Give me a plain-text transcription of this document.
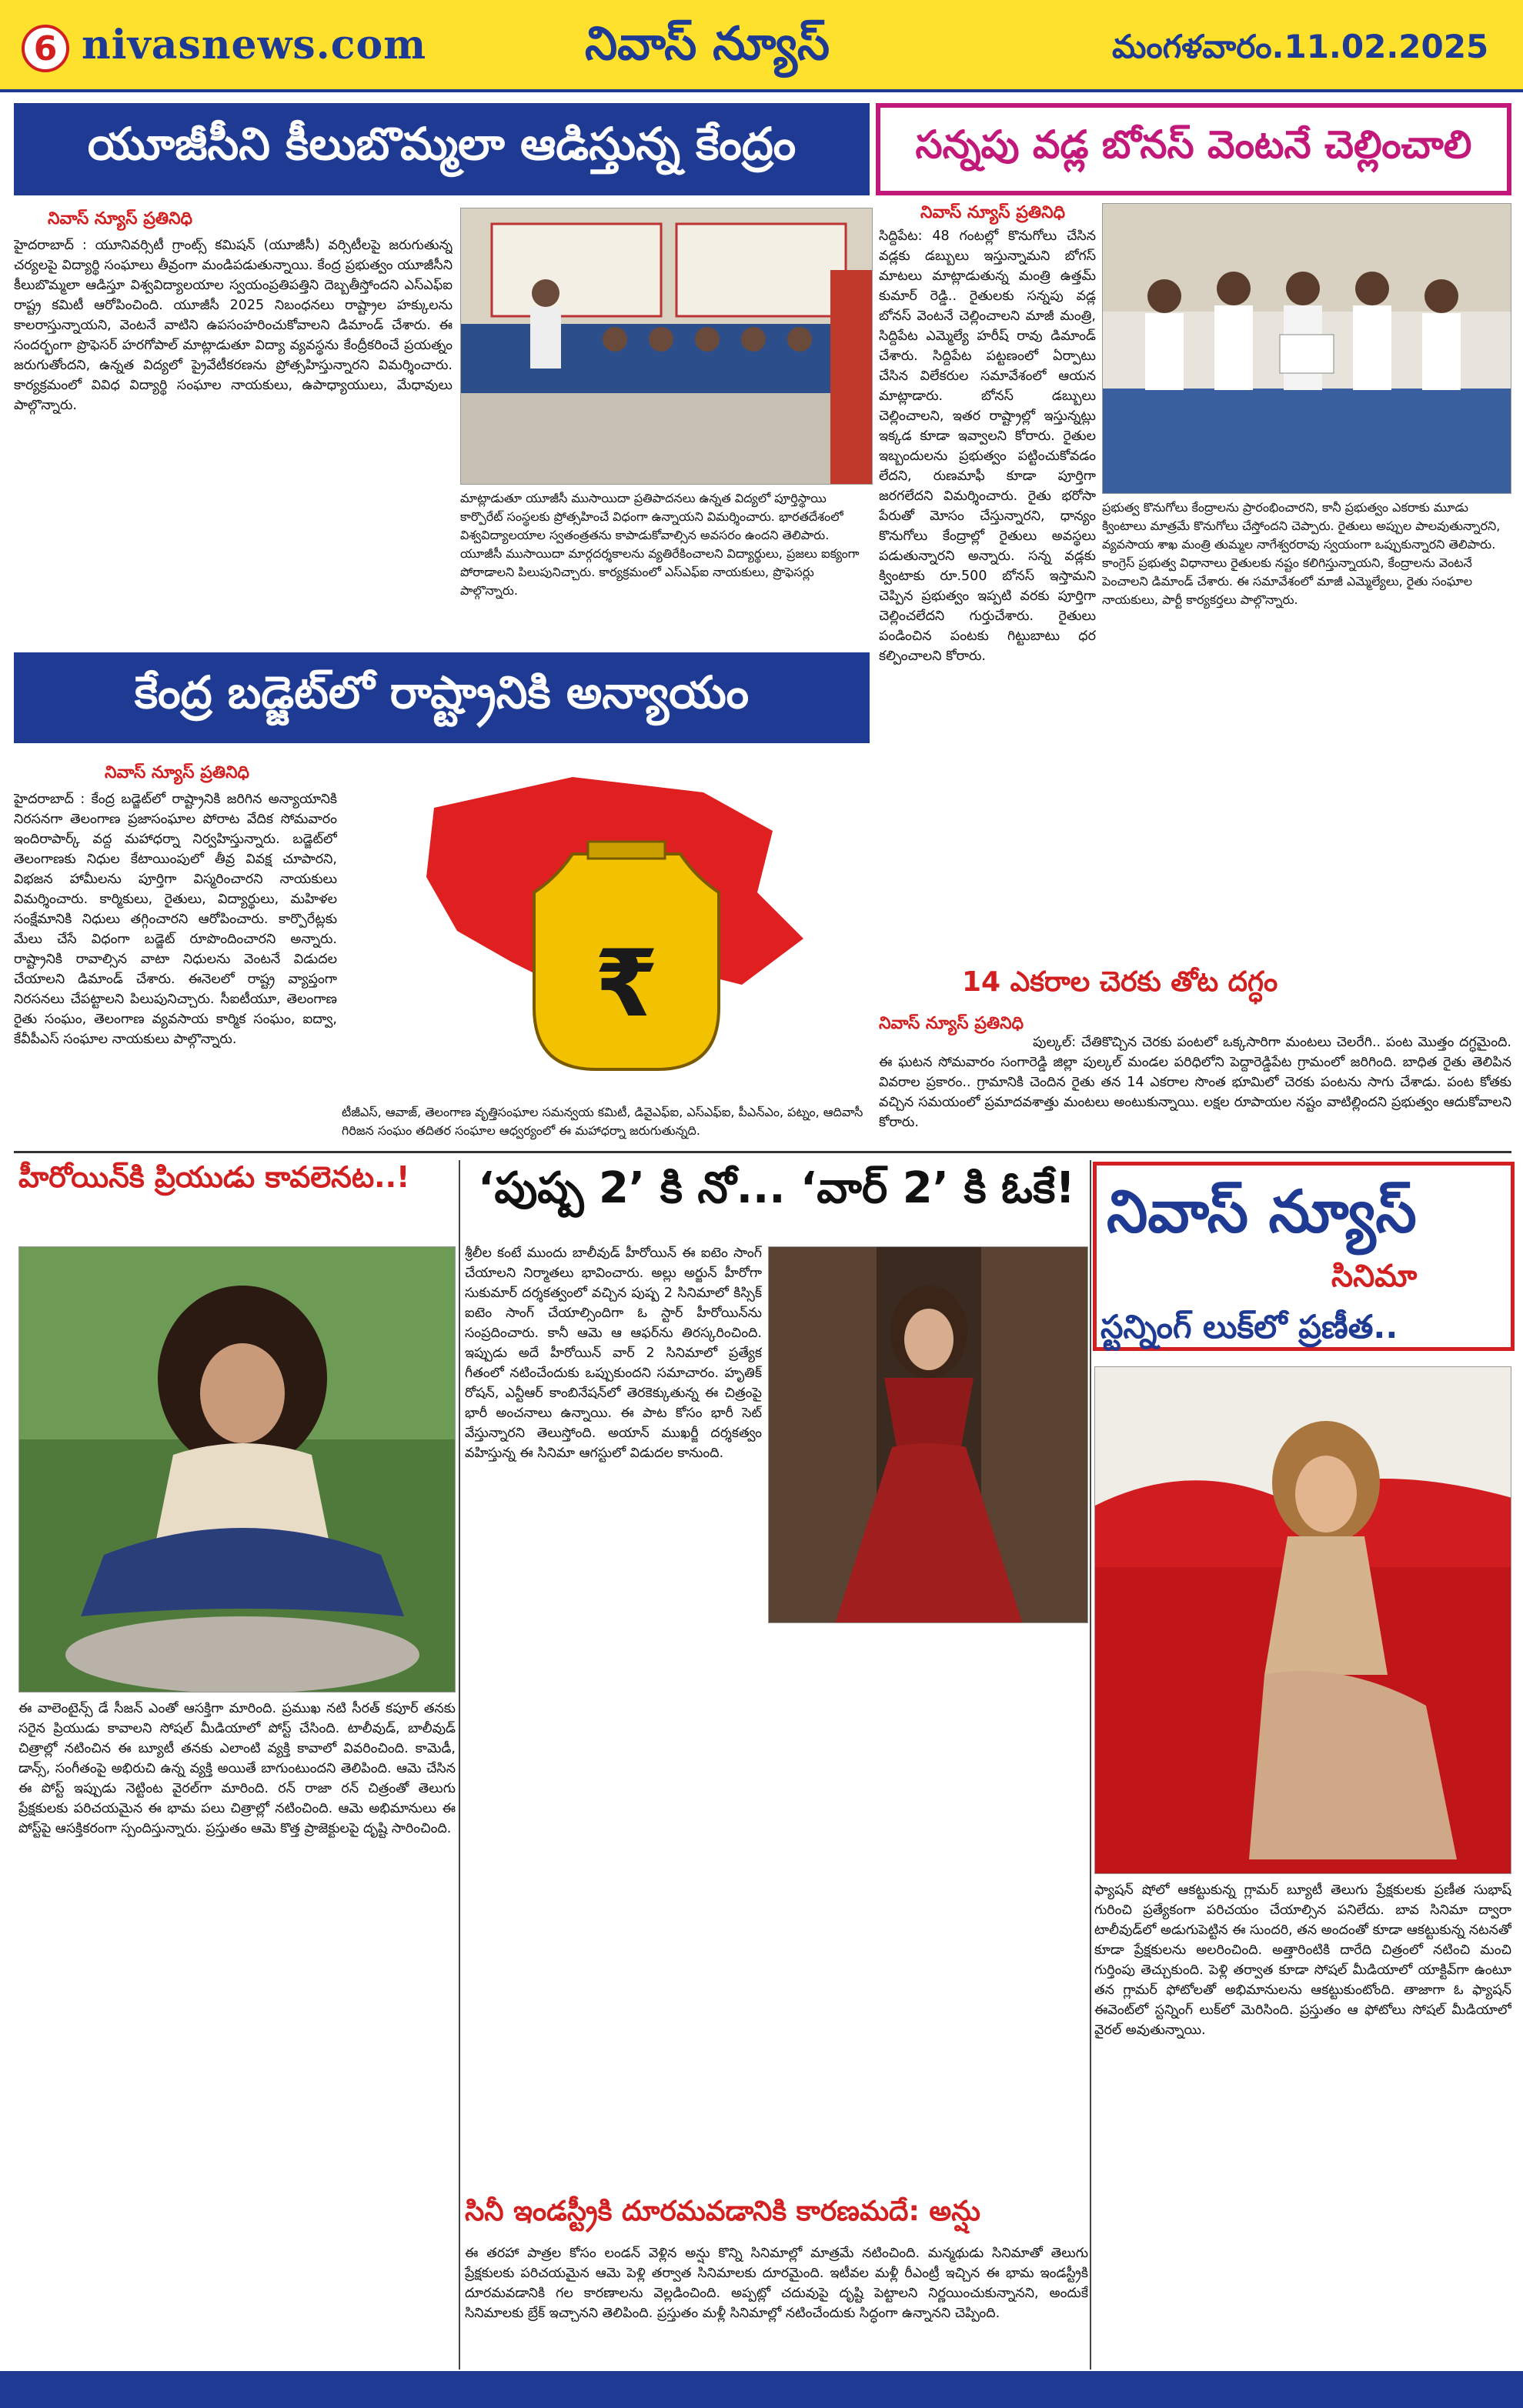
6 nivasnews.com	నివాస్ న్యూస్	మంగళవారం.11.02.2025
యూజీసీని కీలుబొమ్మలా ఆడిస్తున్న కేంద్రం
నివాస్ న్యూస్ ప్రతినిధి
హైదరాబాద్ : యూనివర్సిటీ గ్రాంట్స్ కమిషన్ (యూజీసీ) వర్సిటీలపై జరుగుతున్న చర్యలపై విద్యార్థి సంఘాలు తీవ్రంగా మండిపడుతున్నాయి. కేంద్ర ప్రభుత్వం యూజీసీని కీలుబొమ్మలా ఆడిస్తూ విశ్వవిద్యాలయాల స్వయంప్రతిపత్తిని దెబ్బతీస్తోందని ఎస్ఎఫ్ఐ రాష్ట్ర కమిటీ ఆరోపించింది. యూజీసీ 2025 నిబంధనలు రాష్ట్రాల హక్కులను కాలరాస్తున్నాయని, వెంటనే వాటిని ఉపసంహరించుకోవాలని డిమాండ్ చేశారు. ఈ సందర్భంగా ప్రొఫెసర్ హరగోపాల్ మాట్లాడుతూ విద్యా వ్యవస్థను కేంద్రీకరించే ప్రయత్నం జరుగుతోందని, ఉన్నత విద్యలో ప్రైవేటీకరణను ప్రోత్సహిస్తున్నారని విమర్శించారు. కార్యక్రమంలో వివిధ విద్యార్థి సంఘాల నాయకులు, ఉపాధ్యాయులు, మేధావులు పాల్గొన్నారు.
మాట్లాడుతూ యూజీసీ ముసాయిదా ప్రతిపాదనలు ఉన్నత విద్యలో పూర్తిస్థాయి కార్పొరేట్ సంస్థలకు ప్రోత్సహించే విధంగా ఉన్నాయని విమర్శించారు. భారతదేశంలో విశ్వవిద్యాలయాల స్వతంత్రతను కాపాడుకోవాల్సిన అవసరం ఉందని తెలిపారు. యూజీసీ ముసాయిదా మార్గదర్శకాలను వ్యతిరేకించాలని విద్యార్థులు, ప్రజలు ఐక్యంగా పోరాడాలని పిలుపునిచ్చారు. కార్యక్రమంలో ఎస్ఎఫ్ఐ నాయకులు, ప్రొఫెసర్లు పాల్గొన్నారు.
సన్నపు వడ్ల బోనస్ వెంటనే చెల్లించాలి
నివాస్ న్యూస్ ప్రతినిధి
సిద్దిపేట: 48 గంటల్లో కొనుగోలు చేసిన వడ్లకు డబ్బులు ఇస్తున్నామని బోగస్ మాటలు మాట్లాడుతున్న మంత్రి ఉత్తమ్ కుమార్ రెడ్డి.. రైతులకు సన్నపు వడ్ల బోనస్ వెంటనే చెల్లించాలని మాజీ మంత్రి, సిద్దిపేట ఎమ్మెల్యే హరీష్ రావు డిమాండ్ చేశారు. సిద్దిపేట పట్టణంలో ఏర్పాటు చేసిన విలేకరుల సమావేశంలో ఆయన మాట్లాడారు. బోనస్ డబ్బులు చెల్లించాలని, ఇతర రాష్ట్రాల్లో ఇస్తున్నట్లు ఇక్కడ కూడా ఇవ్వాలని కోరారు. రైతుల ఇబ్బందులను ప్రభుత్వం పట్టించుకోవడం లేదని, రుణమాఫీ కూడా పూర్తిగా జరగలేదని విమర్శించారు. రైతు భరోసా పేరుతో మోసం చేస్తున్నారని, ధాన్యం కొనుగోలు కేంద్రాల్లో రైతులు అవస్థలు పడుతున్నారని అన్నారు. సన్న వడ్లకు క్వింటాకు రూ.500 బోనస్ ఇస్తామని చెప్పిన ప్రభుత్వం ఇప్పటి వరకు పూర్తిగా చెల్లించలేదని గుర్తుచేశారు. రైతులు పండించిన పంటకు గిట్టుబాటు ధర కల్పించాలని కోరారు.
ప్రభుత్వ కొనుగోలు కేంద్రాలను ప్రారంభించారని, కానీ ప్రభుత్వం ఎకరాకు మూడు క్వింటాలు మాత్రమే కొనుగోలు చేస్తోందని చెప్పారు. రైతులు అప్పుల పాలవుతున్నారని, వ్యవసాయ శాఖ మంత్రి తుమ్మల నాగేశ్వరరావు స్వయంగా ఒప్పుకున్నారని తెలిపారు. కాంగ్రెస్ ప్రభుత్వ విధానాలు రైతులకు నష్టం కలిగిస్తున్నాయని, కేంద్రాలను వెంటనే పెంచాలని డిమాండ్ చేశారు. ఈ సమావేశంలో మాజీ ఎమ్మెల్యేలు, రైతు సంఘాల నాయకులు, పార్టీ కార్యకర్తలు పాల్గొన్నారు.
కేంద్ర బడ్జెట్‌లో రాష్ట్రానికి అన్యాయం
నివాస్ న్యూస్ ప్రతినిధి
హైదరాబాద్ : కేంద్ర బడ్జెట్‌లో రాష్ట్రానికి జరిగిన అన్యాయానికి నిరసనగా తెలంగాణ ప్రజాసంఘాల పోరాట వేదిక సోమవారం ఇందిరాపార్క్ వద్ద మహాధర్నా నిర్వహిస్తున్నారు. బడ్జెట్‌లో తెలంగాణకు నిధుల కేటాయింపులో తీవ్ర వివక్ష చూపారని, విభజన హామీలను పూర్తిగా విస్మరించారని నాయకులు విమర్శించారు. కార్మికులు, రైతులు, విద్యార్థులు, మహిళల సంక్షేమానికి నిధులు తగ్గించారని ఆరోపించారు. కార్పొరేట్లకు మేలు చేసే విధంగా బడ్జెట్ రూపొందించారని అన్నారు. రాష్ట్రానికి రావాల్సిన వాటా నిధులను వెంటనే విడుదల చేయాలని డిమాండ్ చేశారు. ఈనెలలో రాష్ట్ర వ్యాప్తంగా నిరసనలు చేపట్టాలని పిలుపునిచ్చారు. సీఐటీయూ, తెలంగాణ రైతు సంఘం, తెలంగాణ వ్యవసాయ కార్మిక సంఘం, ఐద్వా, కేవీపీఎస్ సంఘాల నాయకులు పాల్గొన్నారు.
₹
టీజీఎస్, ఆవాజ్, తెలంగాణ వృత్తిసంఘాల సమన్వయ కమిటీ, డివైఎఫ్ఐ, ఎస్ఎఫ్ఐ, పీఎన్ఎం, పట్నం, ఆదివాసీ గిరిజన సంఘం తదితర సంఘాల ఆధ్వర్యంలో ఈ మహాధర్నా జరుగుతున్నది.
14 ఎకరాల చెరకు తోట దగ్ధం
నివాస్ న్యూస్ ప్రతినిధి
పుల్కల్: చేతికొచ్చిన చెరకు పంటలో ఒక్కసారిగా మంటలు చెలరేగి.. పంట మొత్తం దగ్ధమైంది. ఈ ఘటన సోమవారం సంగారెడ్డి జిల్లా పుల్కల్ మండల పరిధిలోని పెద్దారెడ్డిపేట గ్రామంలో జరిగింది. బాధిత రైతు తెలిపిన వివరాల ప్రకారం.. గ్రామానికి చెందిన రైతు తన 14 ఎకరాల సొంత భూమిలో చెరకు పంటను సాగు చేశాడు. పంట కోతకు వచ్చిన సమయంలో ప్రమాదవశాత్తు మంటలు అంటుకున్నాయి. లక్షల రూపాయల నష్టం వాటిల్లిందని ప్రభుత్వం ఆదుకోవాలని కోరారు.
హీరోయిన్‌కి ప్రియుడు కావలెనట..!
ఈ వాలెంటైన్స్ డే సీజన్ ఎంతో ఆసక్తిగా మారింది. ప్రముఖ నటి సీరత్ కపూర్ తనకు సరైన ప్రియుడు కావాలని సోషల్ మీడియాలో పోస్ట్ చేసింది. టాలీవుడ్, బాలీవుడ్ చిత్రాల్లో నటించిన ఈ బ్యూటీ తనకు ఎలాంటి వ్యక్తి కావాలో వివరించింది. కామెడీ, డాన్స్, సంగీతంపై అభిరుచి ఉన్న వ్యక్తి అయితే బాగుంటుందని తెలిపింది. ఆమె చేసిన ఈ పోస్ట్ ఇప్పుడు నెట్టింట వైరల్‌గా మారింది. రన్ రాజా రన్ చిత్రంతో తెలుగు ప్రేక్షకులకు పరిచయమైన ఈ భామ పలు చిత్రాల్లో నటించింది. ఆమె అభిమానులు ఈ పోస్ట్‌పై ఆసక్తికరంగా స్పందిస్తున్నారు. ప్రస్తుతం ఆమె కొత్త ప్రాజెక్టులపై దృష్టి సారించింది.
‘పుష్ప 2’ కి నో... ‘వార్ 2’ కి ఓకే!
శ్రీలీల కంటే ముందు బాలీవుడ్ హీరోయిన్ ఈ ఐటెం సాంగ్ చేయాలని నిర్మాతలు భావించారు. అల్లు అర్జున్ హీరోగా సుకుమార్ దర్శకత్వంలో వచ్చిన పుష్ప 2 సినిమాలో కిస్సిక్ ఐటెం సాంగ్ చేయాల్సిందిగా ఓ స్టార్ హీరోయిన్‌ను సంప్రదించారు. కానీ ఆమె ఆ ఆఫర్‌ను తిరస్కరించింది. ఇప్పుడు అదే హీరోయిన్ వార్ 2 సినిమాలో ప్రత్యేక గీతంలో నటించేందుకు ఒప్పుకుందని సమాచారం. హృతిక్ రోషన్, ఎన్టీఆర్ కాంబినేషన్‌లో తెరకెక్కుతున్న ఈ చిత్రంపై భారీ అంచనాలు ఉన్నాయి. ఈ పాట కోసం భారీ సెట్ వేస్తున్నారని తెలుస్తోంది. అయాన్ ముఖర్జీ దర్శకత్వం వహిస్తున్న ఈ సినిమా ఆగస్టులో విడుదల కానుంది.
సినీ ఇండస్ట్రీకి దూరమవడానికి కారణమదే: అన్షు
ఈ తరహా పాత్రల కోసం లండన్ వెళ్లిన అన్షు కొన్ని సినిమాల్లో మాత్రమే నటించింది. మన్మథుడు సినిమాతో తెలుగు ప్రేక్షకులకు పరిచయమైన ఆమె పెళ్లి తర్వాత సినిమాలకు దూరమైంది. ఇటీవల మళ్లీ రీఎంట్రీ ఇచ్చిన ఈ భామ ఇండస్ట్రీకి దూరమవడానికి గల కారణాలను వెల్లడించింది. అప్పట్లో చదువుపై దృష్టి పెట్టాలని నిర్ణయించుకున్నానని, అందుకే సినిమాలకు బ్రేక్ ఇచ్చానని తెలిపింది. ప్రస్తుతం మళ్లీ సినిమాల్లో నటించేందుకు సిద్ధంగా ఉన్నానని చెప్పింది.
నివాస్ న్యూస్
సినిమా
స్టన్నింగ్ లుక్‌లో ప్రణీత..
ఫ్యాషన్ షోలో ఆకట్టుకున్న గ్లామర్ బ్యూటీ తెలుగు ప్రేక్షకులకు ప్రణీత సుభాష్ గురించి ప్రత్యేకంగా పరిచయం చేయాల్సిన పనిలేదు. బావ సినిమా ద్వారా టాలీవుడ్‌లో అడుగుపెట్టిన ఈ సుందరి, తన అందంతో కూడా ఆకట్టుకున్న నటనతో కూడా ప్రేక్షకులను అలరించింది. అత్తారింటికి దారేది చిత్రంలో నటించి మంచి గుర్తింపు తెచ్చుకుంది. పెళ్లి తర్వాత కూడా సోషల్ మీడియాలో యాక్టివ్‌గా ఉంటూ తన గ్లామర్ ఫోటోలతో అభిమానులను ఆకట్టుకుంటోంది. తాజాగా ఓ ఫ్యాషన్ ఈవెంట్‌లో స్టన్నింగ్ లుక్‌లో మెరిసింది. ప్రస్తుతం ఆ ఫోటోలు సోషల్ మీడియాలో వైరల్ అవుతున్నాయి.
